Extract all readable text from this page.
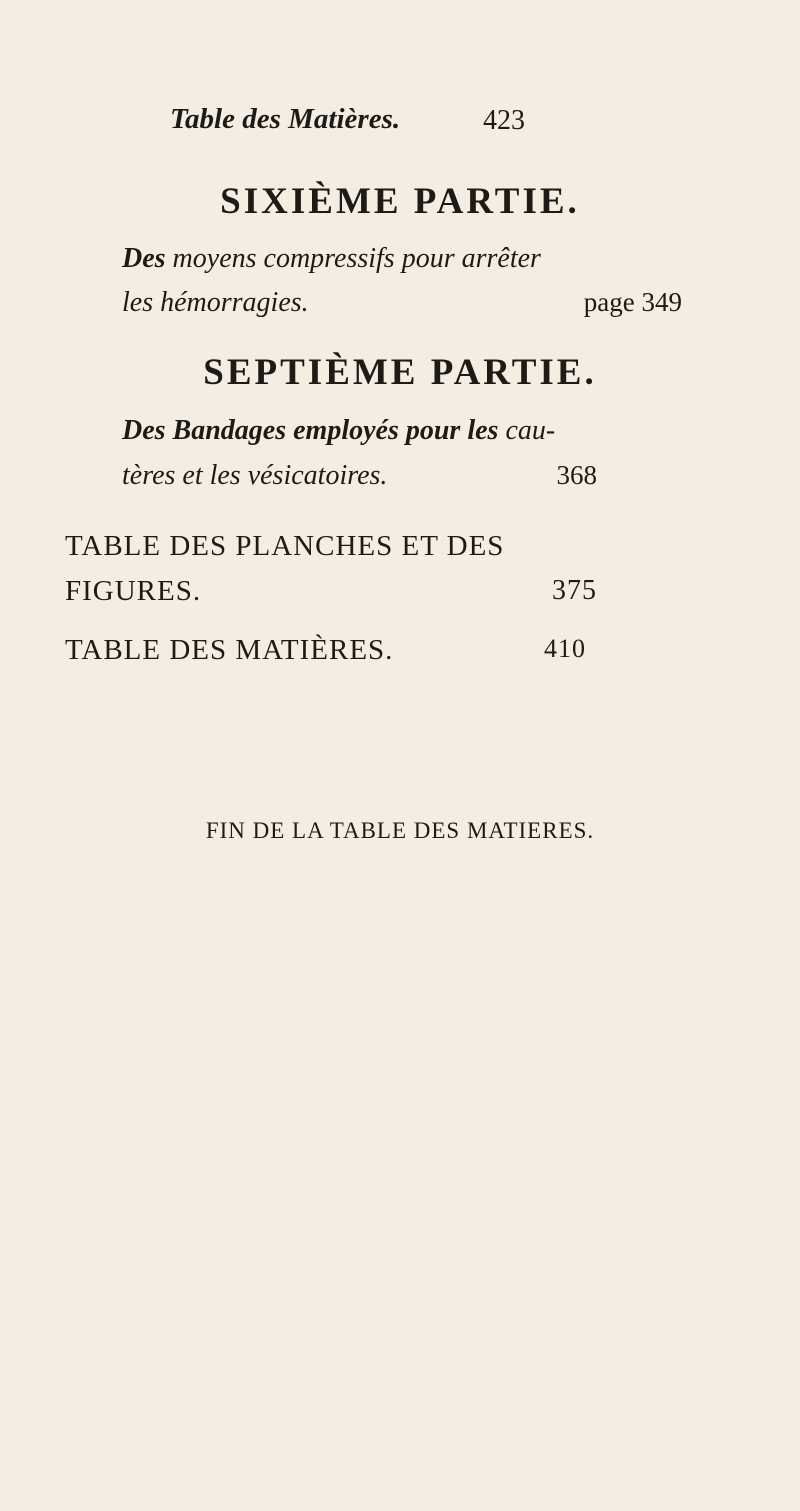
Table des Matières.	423
SIXIÈME PARTIE.
Des moyens compressifs pour arrêter
les hémorragies.	page 349
SEPTIÈME PARTIE.
Des Bandages employés pour les cau-
tères et les vésicatoires.	368
TABLE DES PLANCHES ET DES
FIGURES.	375
TABLE DES MATIÈRES.	410
FIN DE LA TABLE DES MATIERES.
